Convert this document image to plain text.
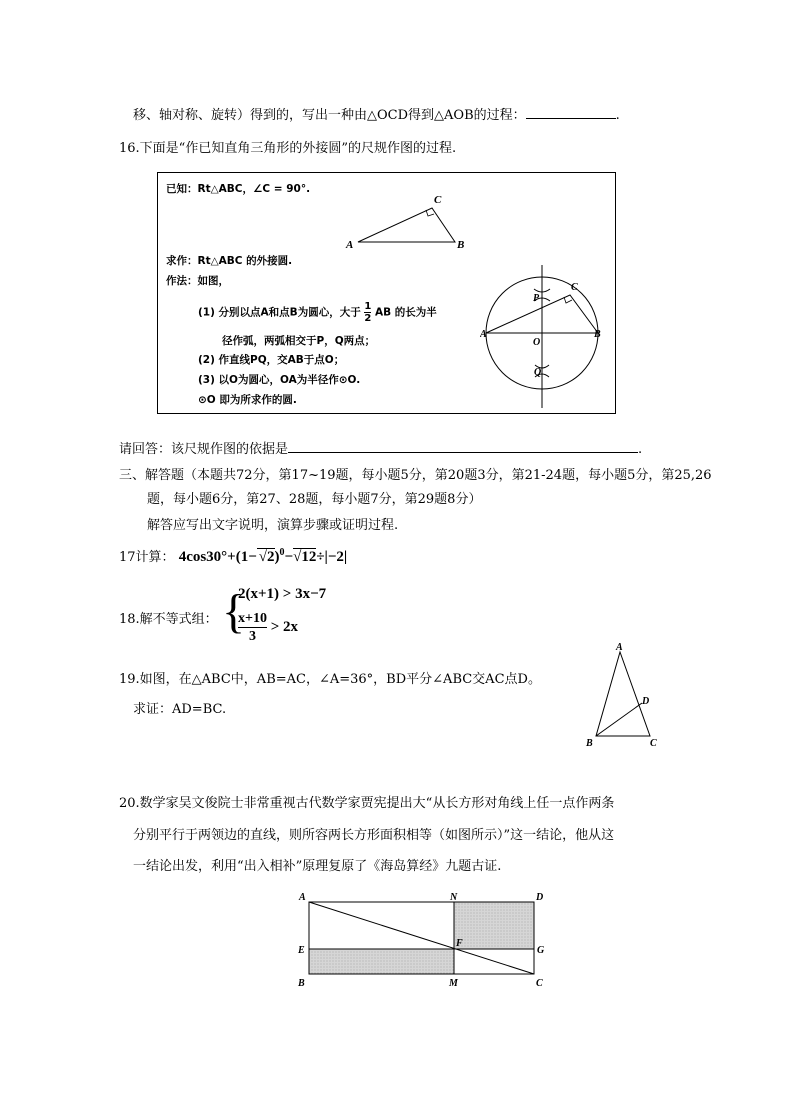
移、轴对称、旋转）得到的，写出一种由△OCD得到△AOB的过程：	.
16.下面是“作已知直角三角形的外接圆”的尺规作图的过程.
已知：Rt△ABC，∠C = 90°.
求作：Rt△ABC 的外接圆.
作法：如图，
(1) 分别以点A和点B为圆心，大于 $\frac{1}{2}$ AB 的长为半
径作弧，两弧相交于P，Q两点；
(2) 作直线PQ，交AB于点O；
(3) 以O为圆心，OA为半径作⊙O.
⊙O 即为所求作的圆.
A	B
C
A	B
C
P
O
Q
请回答：该尺规作图的依据是	.
三、解答题（本题共72分，第17~19题，每小题5分，第20题3分，第21-24题，每小题5分，第25,26
题，每小题6分，第27、28题，每小题7分，第29题8分）
解答应写出文字说明，演算步骤或证明过程.
17计算： $4\cos 30^\circ+(1- √2)^0-√12\div|-2|$
18.解不等式组： {
2(x+1) > 3x−7
$\frac{x+10}{3} > 2x$
19.如图，在△ABC中，AB=AC，∠A=36°，BD平分∠ABC交AC点D。
求证：AD=BC.
A
B	C
D
20.数学家吴文俊院士非常重视古代数学家贾宪提出大“从长方形对角线上任一点作两条
分别平行于两领边的直线，则所容两长方形面积相等（如图所示）”这一结论，他从这
一结论出发，利用“出入相补”原理复原了《海岛算经》九题古证.
A	N	D
E
F
G
B	M	C
